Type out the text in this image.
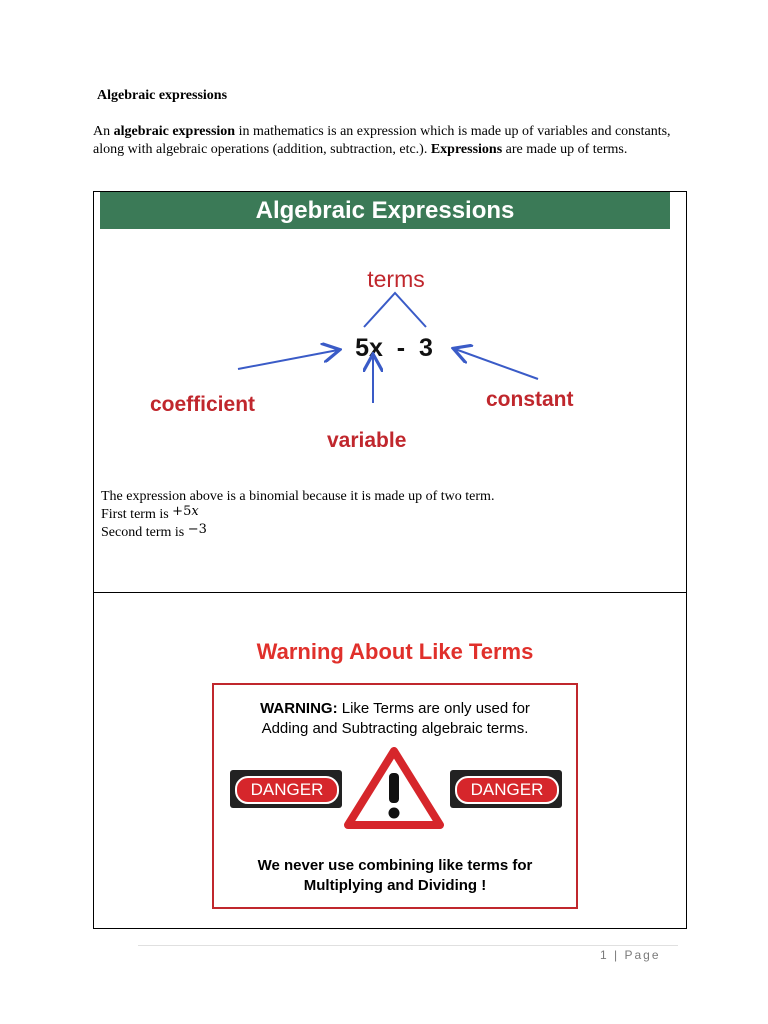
Algebraic expressions
An algebraic expression in mathematics is an expression which is made up of variables and constants, along with algebraic operations (addition, subtraction, etc.). Expressions are made up of terms.
Algebraic Expressions
terms
5x  -  3
coefficient
variable
constant
The expression above is a binomial because it is made up of two term.
First term is +5x
Second term is −3
Warning About Like Terms
WARNING: Like Terms are only used for
Adding and Subtracting algebraic terms.
DANGER	DANGER
We never use combining like terms for
Multiplying and Dividing !
1 | Page
